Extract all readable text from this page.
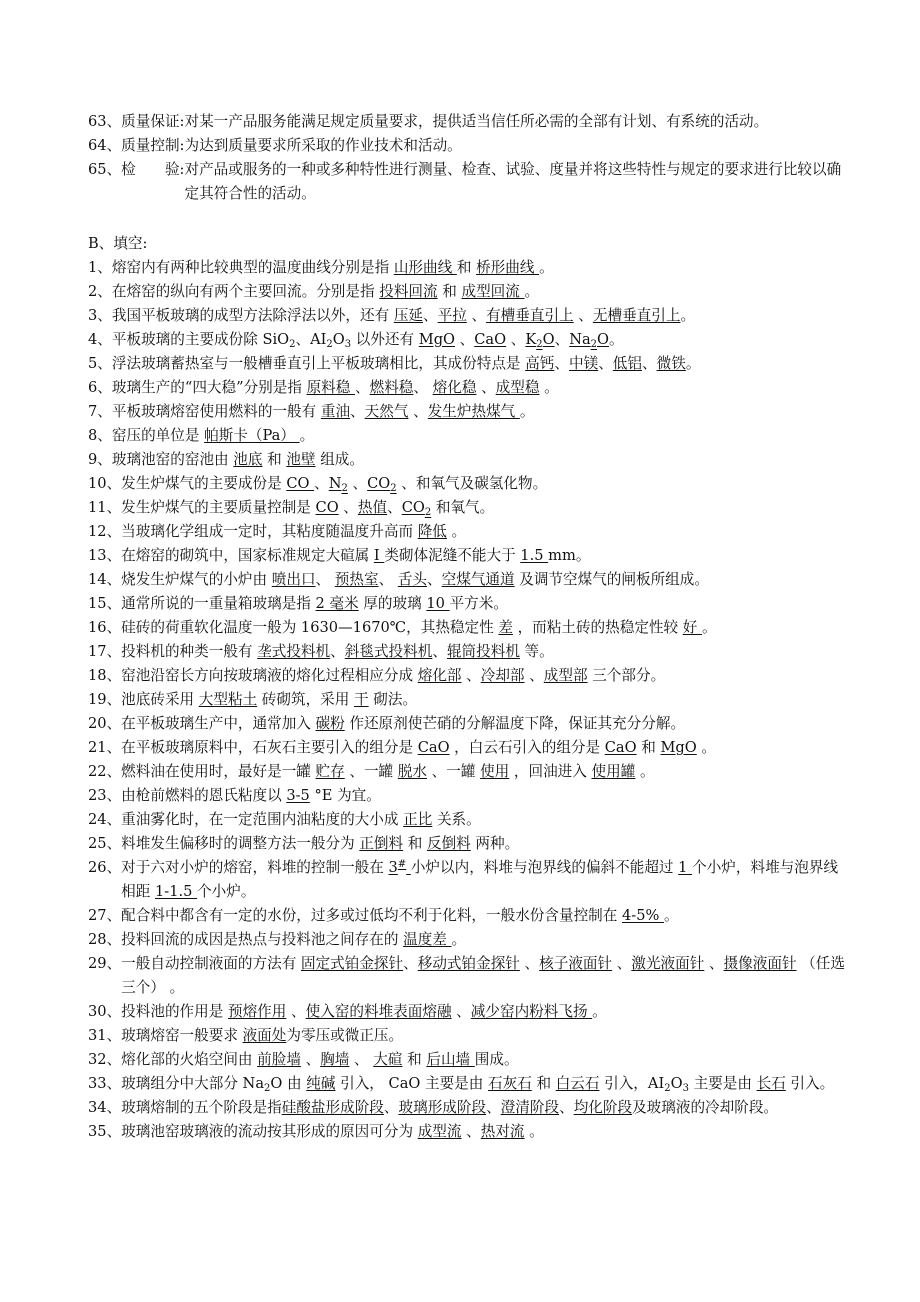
63、 质量保证: 对某一产品服务能满足规定质量要求，提供适当信任所必需的全部有计划、有系统的活动。
64、 质量控制: 为达到质量要求所采取的作业技术和活动。
65、 检　　验: 对产品或服务的一种或多种特性进行测量、检查、试验、度量并将这些特性与规定的要求进行比较以确定其符合性的活动。
B、填空:
1、 熔窑内有两种比较典型的温度曲线分别是指 山形曲线 和 桥形曲线 。
2、 在熔窑的纵向有两个主要回流。分别是指 投料回流 和 成型回流 。
3、 我国平板玻璃的成型方法除浮法以外，还有 压延、平拉 、有槽垂直引上 、无槽垂直引上。
4、 平板玻璃的主要成份除 SiO$_2$、$AI_2O_3$ 以外还有 MgO 、CaO 、$K_2O$、$Na_2O$。
5、 浮法玻璃蓄热室与一般槽垂直引上平板玻璃相比，其成份特点是 高钙、中镁、低铝、微铁。
6、 玻璃生产的“四大稳”分别是指 原料稳 、燃料稳、 熔化稳 、成型稳 。
7、 平板玻璃熔窑使用燃料的一般有 重油、天然气 、发生炉热煤气 。
8、 窑压的单位是 帕斯卡（Pa） 。
9、 玻璃池窑的窑池由 池底 和 池壁 组成。
10、 发生炉煤气的主要成份是 CO 、$N_2$ 、$CO_2$ 、和氧气及碳氢化物。
11、 发生炉煤气的主要质量控制是 CO 、热值、$CO_2$ 和氧气。
12、 当玻璃化学组成一定时，其粘度随温度升高而 降低 。
13、 在熔窑的砌筑中，国家标准规定大碹属 I 类砌体泥缝不能大于 1.5 mm。
14、 烧发生炉煤气的小炉由 喷出口、 预热室、 舌头、空煤气通道 及调节空煤气的闸板所组成。
15、 通常所说的一重量箱玻璃是指 2 毫米 厚的玻璃 10 平方米。
16、 硅砖的荷重软化温度一般为 1630—1670℃，其热稳定性 差 ，而粘土砖的热稳定性较 好 。
17、 投料机的种类一般有 垄式投料机、斜毯式投料机、辊筒投料机 等。
18、 窑池沿窑长方向按玻璃液的熔化过程相应分成 熔化部 、冷却部 、成型部 三个部分。
19、 池底砖采用 大型粘土 砖砌筑，采用 干 砌法。
20、 在平板玻璃生产中，通常加入 碳粉 作还原剂使芒硝的分解温度下降，保证其充分分解。
21、 在平板玻璃原料中，石灰石主要引入的组分是 CaO ，白云石引入的组分是 CaO 和 MgO 。
22、 燃料油在使用时，最好是一罐 贮存 、一罐 脱水 、一罐 使用 ，回油进入 使用罐 。
23、 由枪前燃料的恩氏粘度以 3-5 °E 为宜。
24、 重油雾化时，在一定范围内油粘度的大小成 正比 关系。
25、 料堆发生偏移时的调整方法一般分为 正倒料 和 反倒料 两种。
26、 对于六对小炉的熔窑，料堆的控制一般在 3# 小炉以内，料堆与泡界线的偏斜不能超过 1 个小炉，料堆与泡界线相距 1-1.5 个小炉。
27、 配合料中都含有一定的水份，过多或过低均不利于化料，一般水份含量控制在 4-5% 。
28、 投料回流的成因是热点与投料池之间存在的 温度差 。
29、 一般自动控制液面的方法有 固定式铂金探针、移动式铂金探针 、核子液面针 、激光液面针 、摄像液面针 （任选三个） 。
30、 投料池的作用是 预熔作用 、使入窑的料堆表面熔融 、减少窑内粉料飞扬 。
31、 玻璃熔窑一般要求 液面处为零压或微正压。
32、 熔化部的火焰空间由 前脸墙 、胸墙 、 大碹 和 后山墙 围成。
33、 玻璃组分中大部分 $Na_2O$ 由 纯碱 引入， CaO 主要是由 石灰石 和 白云石 引入，$AI_2O_3$ 主要是由 长石 引入。
34、 玻璃熔制的五个阶段是指硅酸盐形成阶段、玻璃形成阶段、澄清阶段、均化阶段及玻璃液的冷却阶段。
35、 玻璃池窑玻璃液的流动按其形成的原因可分为 成型流 、热对流 。
